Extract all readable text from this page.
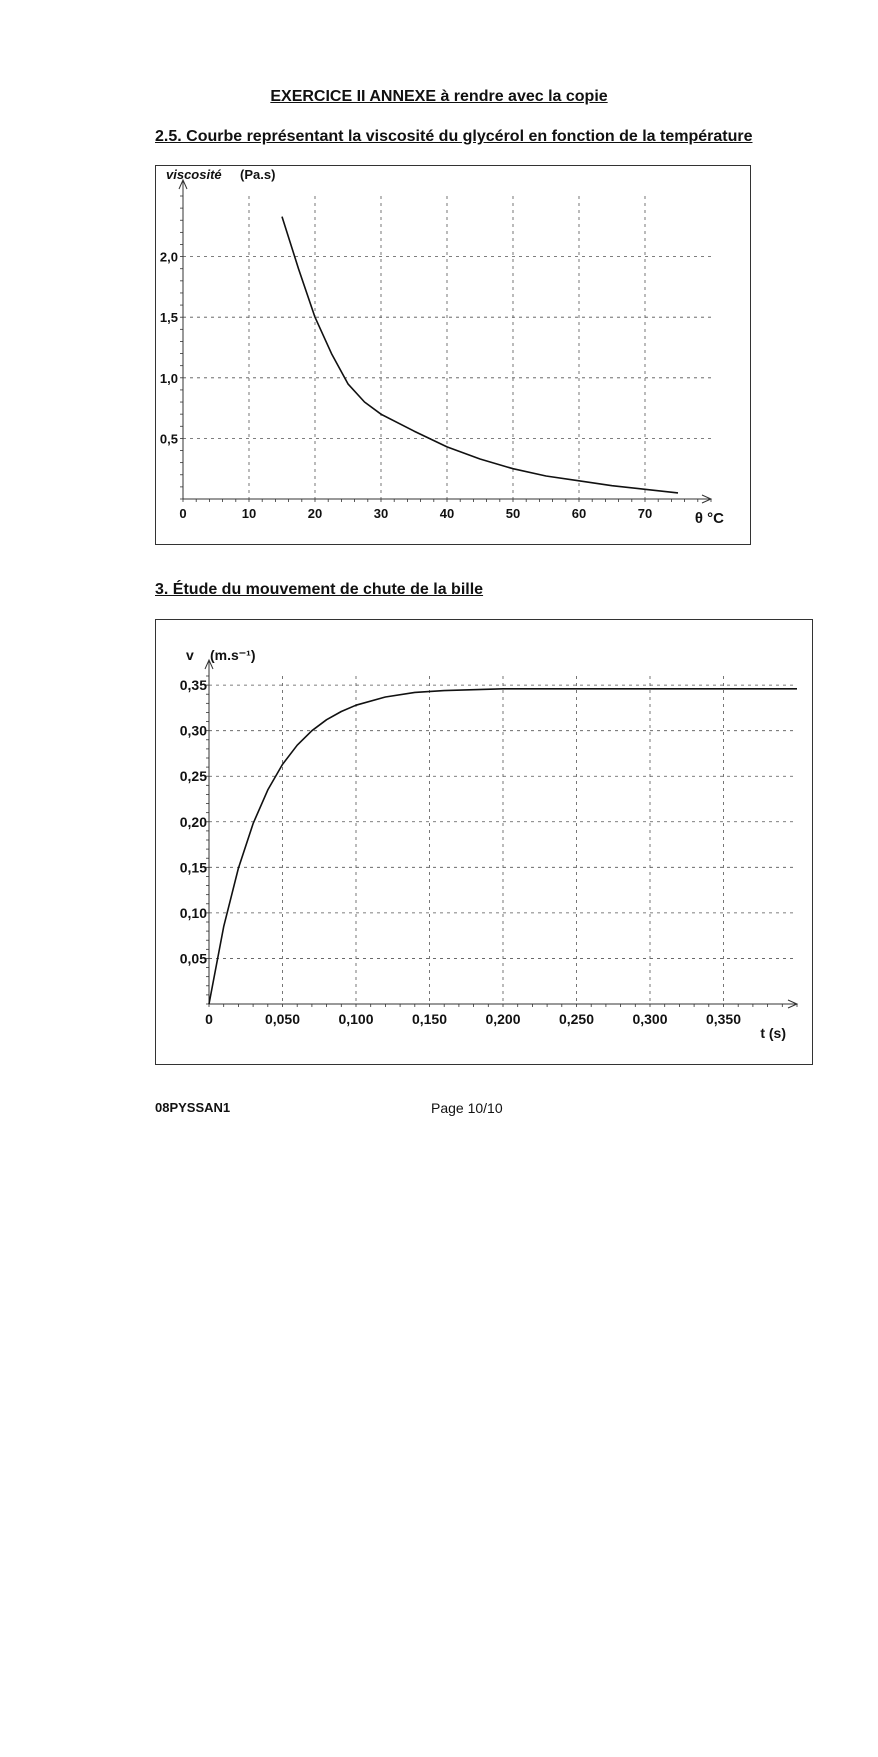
EXERCICE II ANNEXE à rendre avec la copie
2.5. Courbe représentant la viscosité du glycérol en fonction de la température
0	10	20	30	40	50	60	70
0,5
1,0
1,5
2,0
viscosité (Pa.s)
θ °C
3. Étude du mouvement de chute de la bille
0	0,050	0,100	0,150	0,200	0,250	0,300	0,350
0,05
0,10
0,15
0,20
0,25
0,30
0,35
v (m.s⁻¹)
t (s)
08PYSSAN1	Page 10/10
